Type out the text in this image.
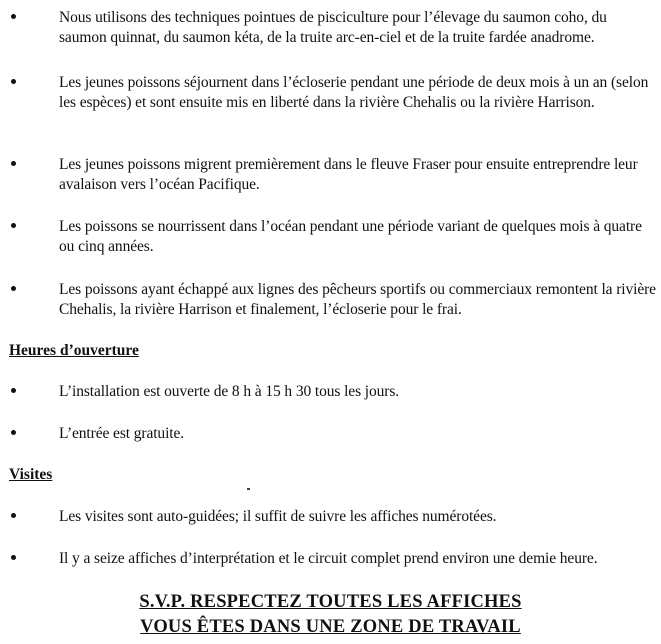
Nous utilisons des techniques pointues de pisciculture pour l’élevage du saumon coho, du saumon quinnat, du saumon kéta, de la truite arc-en-ciel et de la truite fardée anadrome.
Les jeunes poissons séjournent dans l’écloserie pendant une période de deux mois à un an (selon les espèces) et sont ensuite mis en liberté dans la rivière Chehalis ou la rivière Harrison.
Les jeunes poissons migrent premièrement dans le fleuve Fraser pour ensuite entreprendre leur avalaison vers l’océan Pacifique.
Les poissons se nourrissent dans l’océan pendant une période variant de quelques mois à quatre ou cinq années.
Les poissons ayant échappé aux lignes des pêcheurs sportifs ou commerciaux remontent la rivière Chehalis, la rivière Harrison et finalement, l’écloserie pour le frai.
Heures d’ouverture
L’installation est ouverte de 8 h à 15 h 30 tous les jours.
L’entrée est gratuite.
Visites
Les visites sont auto-guidées; il suffit de suivre les affiches numérotées.
Il y a seize affiches d’interprétation et le circuit complet prend environ une demie heure.
S.V.P. RESPECTEZ TOUTES LES AFFICHES
VOUS ÊTES DANS UNE ZONE DE TRAVAIL
